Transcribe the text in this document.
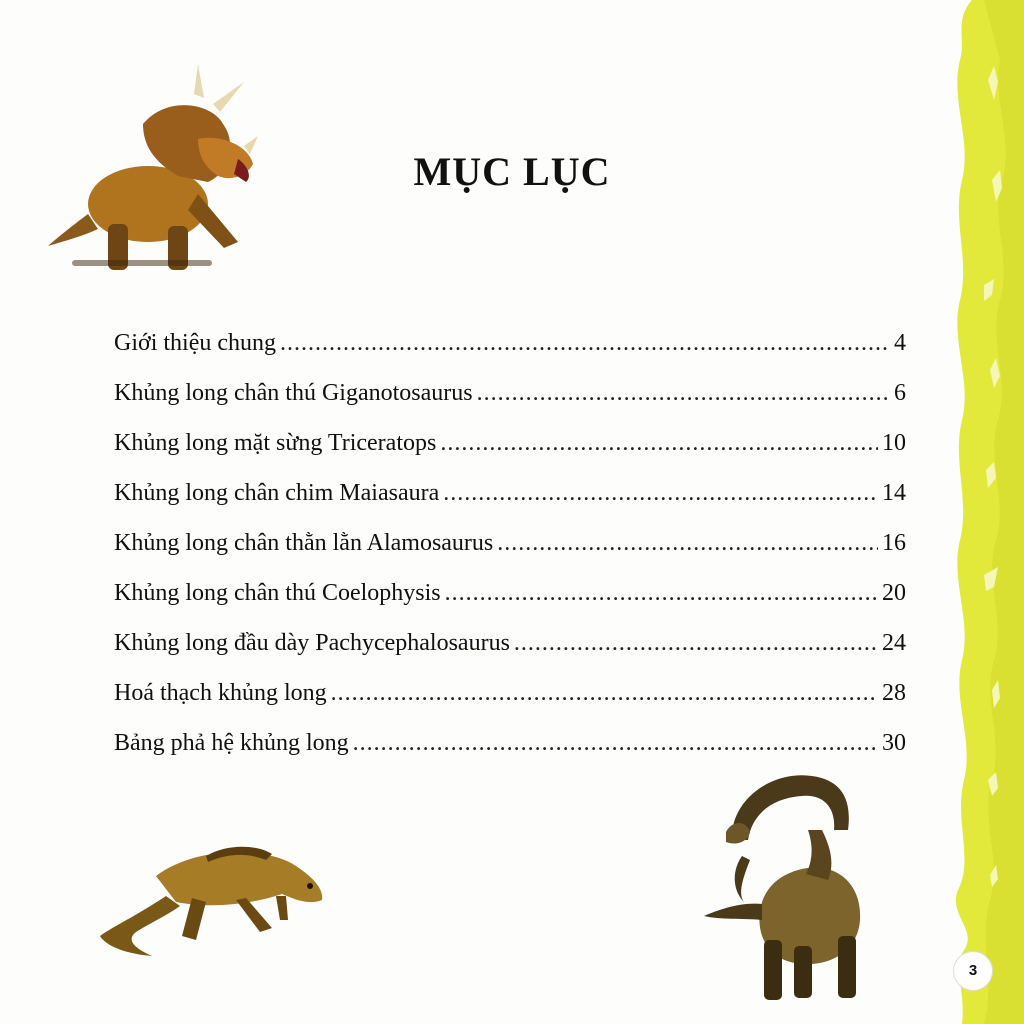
MỤC LỤC
Giới thiệu chung .....	4
Khủng long chân thú Giganotosaurus .....	6
Khủng long mặt sừng Triceratops .....	10
Khủng long chân chim Maiasaura .....	14
Khủng long chân thằn lằn Alamosaurus .....	16
Khủng long chân thú Coelophysis .....	20
Khủng long đầu dày Pachycephalosaurus .....	24
Hoá thạch khủng long .....	28
Bảng phả hệ khủng long .....	30
3
